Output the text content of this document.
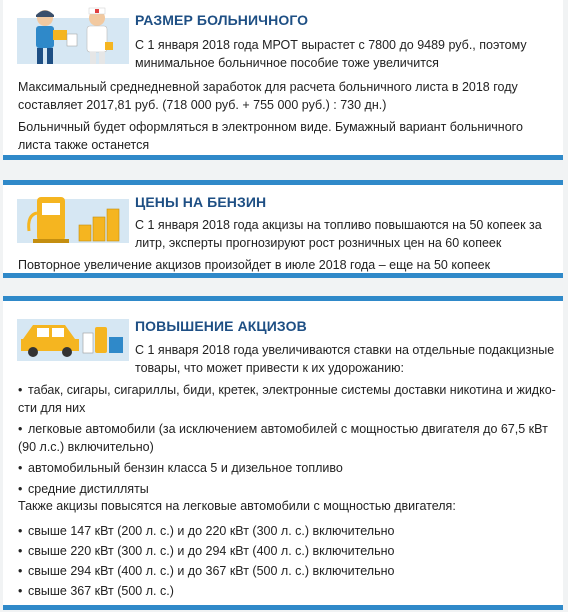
РАЗМЕР БОЛЬНИЧНОГО
С 1 января 2018 года МРОТ вырастет с 7800 до 9489 руб., поэтому минимальное больничное пособие тоже увеличится
Максимальный среднедневной заработок для расчета больничного листа в 2018 году составляет 2017,81 руб. (718 000 руб. + 755 000 руб.) : 730 дн.)
Больничный будет оформляться в электронном виде. Бумажный вариант больничного листа также останется
ЦЕНЫ НА БЕНЗИН
С 1 января 2018 года акцизы на топливо повышаются на 50 копеек за литр, эксперты прогнозируют рост розничных цен на 60 копеек
Повторное увеличение акцизов произойдет в июле 2018 года – еще на 50 копеек
ПОВЫШЕНИЕ АКЦИЗОВ
С 1 января 2018 года увеличиваются ставки на отдельные подакцизные товары, что может привести к их удорожанию:
• табак, сигары, сигариллы, биди, кретек, электронные системы доставки никотина и жидко-сти для них
• легковые автомобили (за исключением автомобилей с мощностью двигателя до 67,5 кВт (90 л.с.) включительно)
• автомобильный бензин класса 5 и дизельное топливо
• средние дистилляты
Также акцизы повысятся на легковые автомобили с мощностью двигателя:
• свыше 147 кВт (200 л. с.) и до 220 кВт (300 л. с.) включительно
• свыше 220 кВт (300 л. с.) и до 294 кВт (400 л. с.) включительно
• свыше 294 кВт (400 л. с.) и до 367 кВт (500 л. с.) включительно
• свыше 367 кВт (500 л. с.)
